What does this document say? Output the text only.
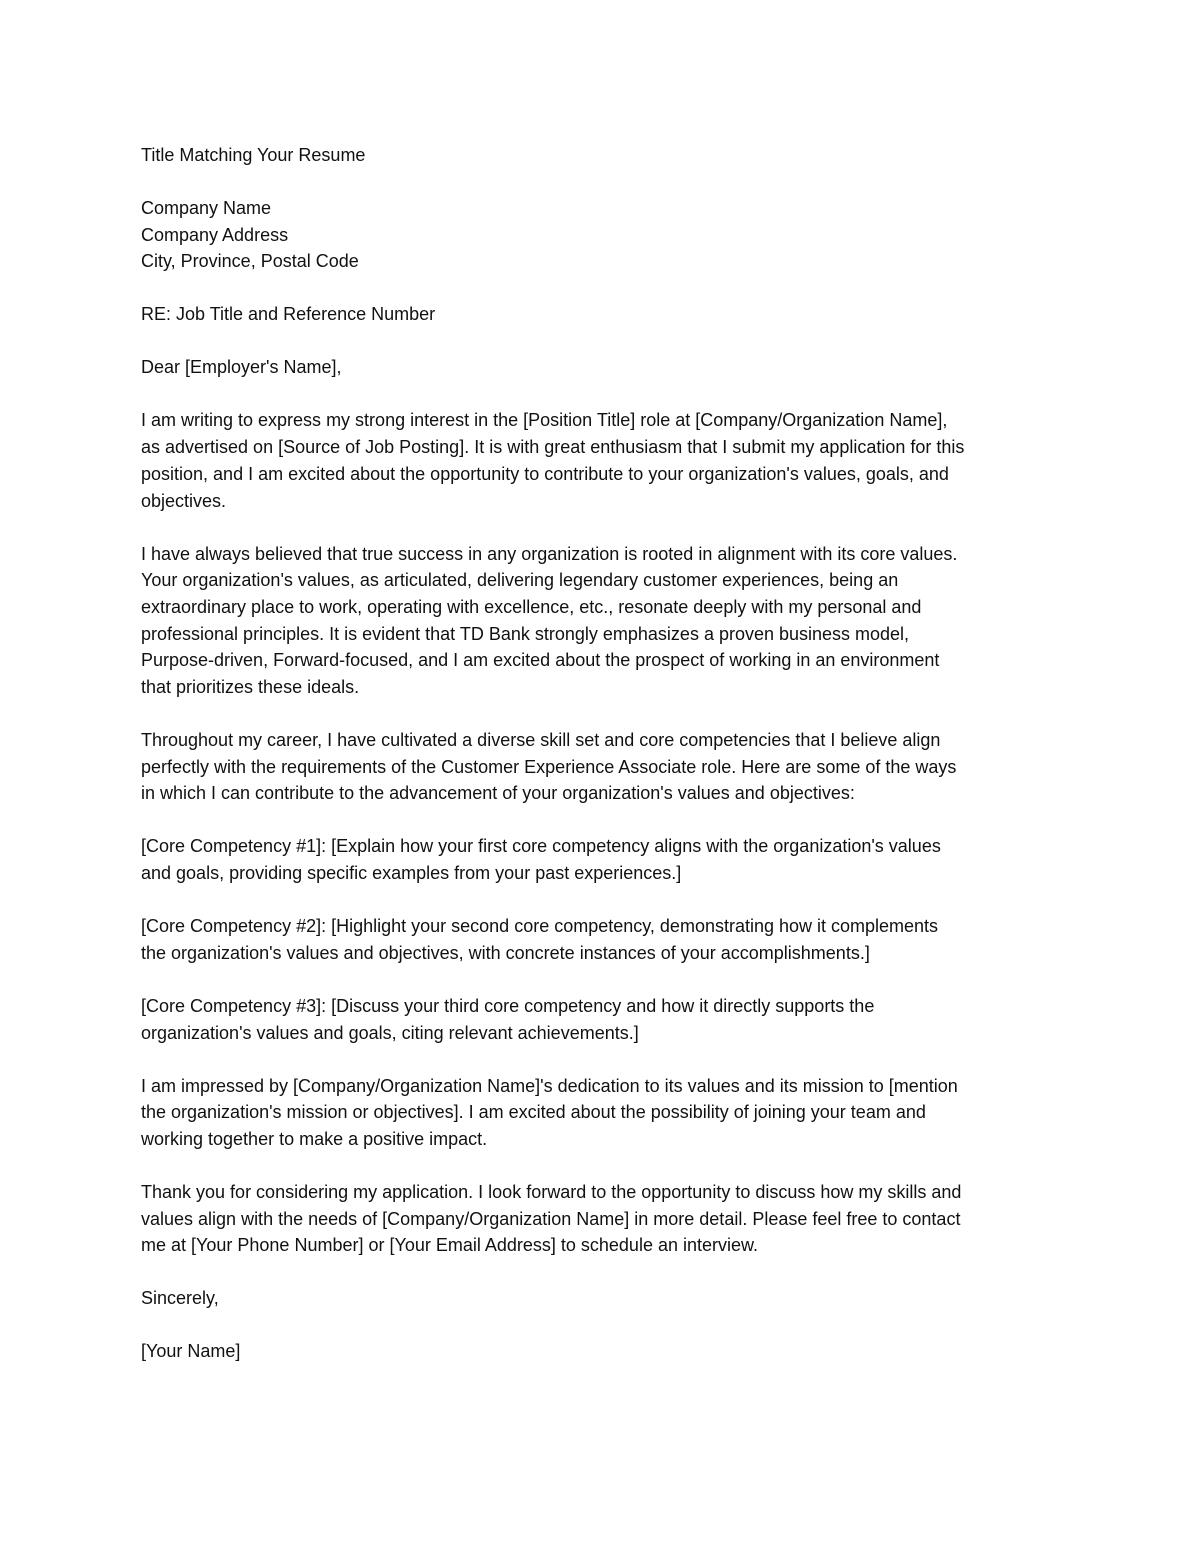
Title Matching Your Resume
Company Name
Company Address
City, Province, Postal Code
RE: Job Title and Reference Number
Dear [Employer's Name],
I am writing to express my strong interest in the [Position Title] role at [Company/Organization Name],
as advertised on [Source of Job Posting]. It is with great enthusiasm that I submit my application for this
position, and I am excited about the opportunity to contribute to your organization's values, goals, and
objectives.
I have always believed that true success in any organization is rooted in alignment with its core values.
Your organization's values, as articulated, delivering legendary customer experiences, being an
extraordinary place to work, operating with excellence, etc., resonate deeply with my personal and
professional principles. It is evident that TD Bank strongly emphasizes a proven business model,
Purpose-driven, Forward-focused, and I am excited about the prospect of working in an environment
that prioritizes these ideals.
Throughout my career, I have cultivated a diverse skill set and core competencies that I believe align
perfectly with the requirements of the Customer Experience Associate role. Here are some of the ways
in which I can contribute to the advancement of your organization's values and objectives:
[Core Competency #1]: [Explain how your first core competency aligns with the organization's values
and goals, providing specific examples from your past experiences.]
[Core Competency #2]: [Highlight your second core competency, demonstrating how it complements
the organization's values and objectives, with concrete instances of your accomplishments.]
[Core Competency #3]: [Discuss your third core competency and how it directly supports the
organization's values and goals, citing relevant achievements.]
I am impressed by [Company/Organization Name]'s dedication to its values and its mission to [mention
the organization's mission or objectives]. I am excited about the possibility of joining your team and
working together to make a positive impact.
Thank you for considering my application. I look forward to the opportunity to discuss how my skills and
values align with the needs of [Company/Organization Name] in more detail. Please feel free to contact
me at [Your Phone Number] or [Your Email Address] to schedule an interview.
Sincerely,
[Your Name]
